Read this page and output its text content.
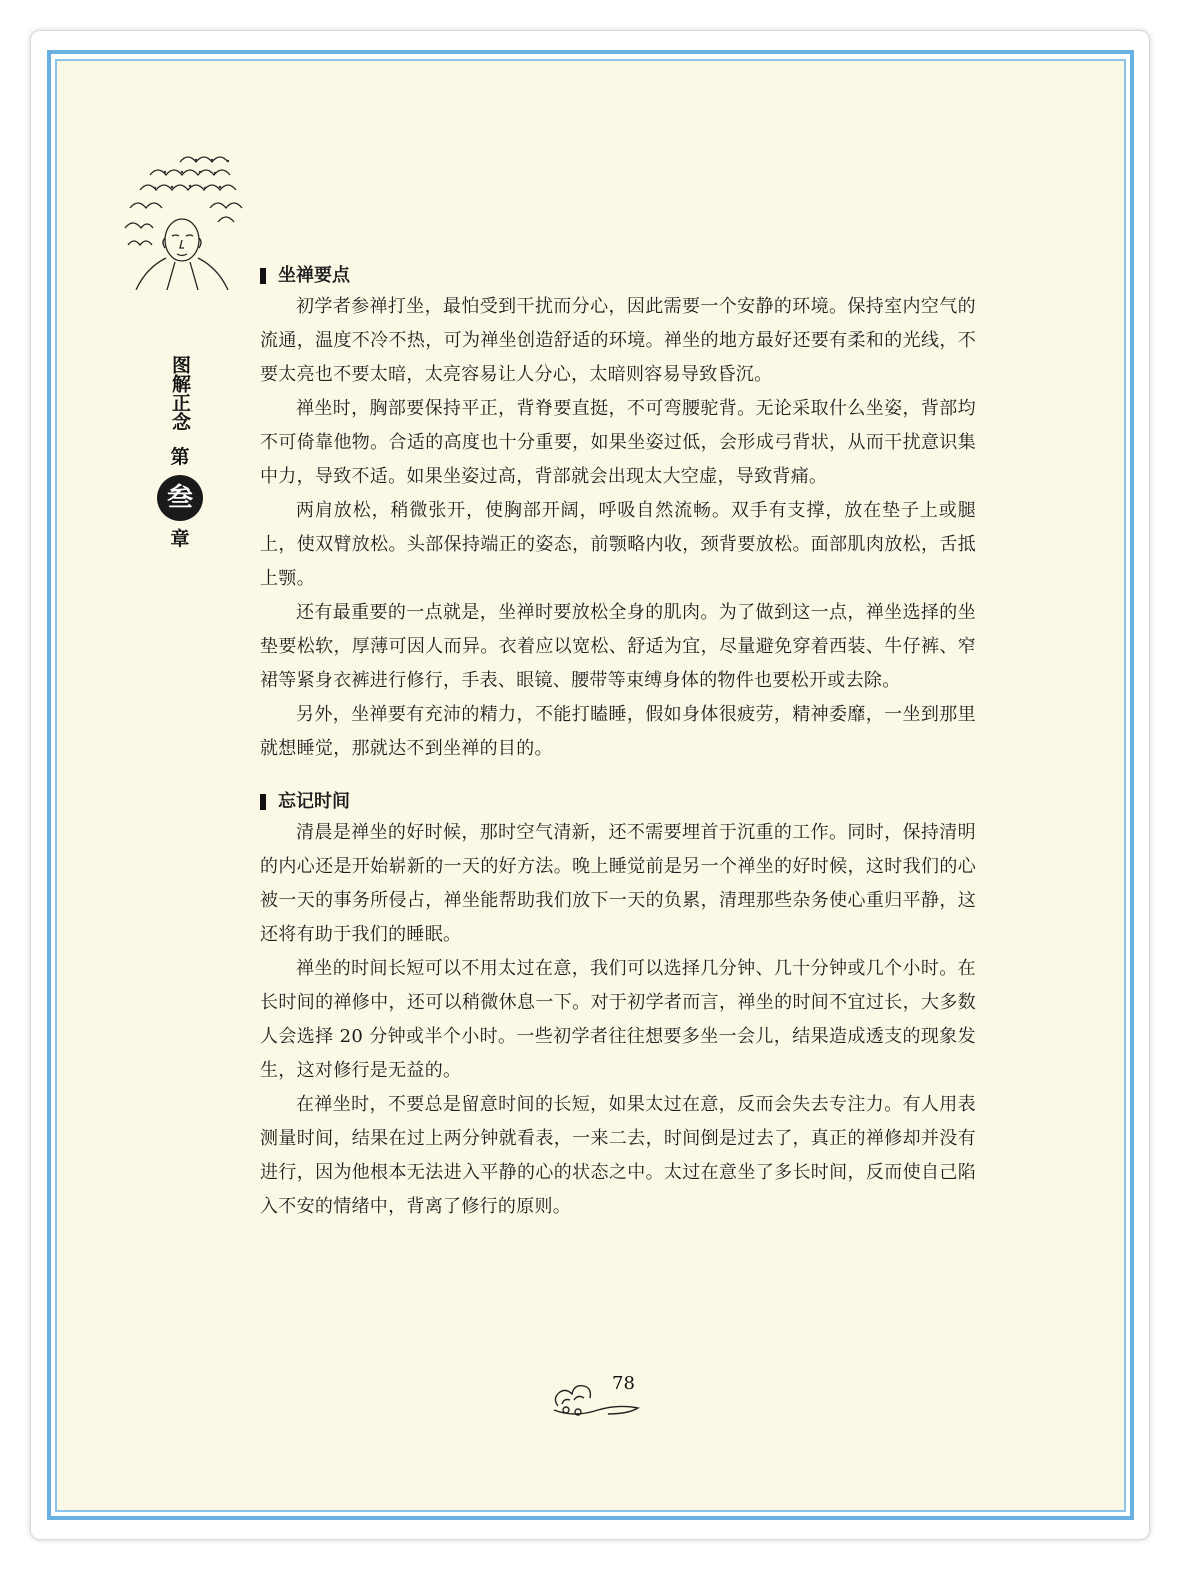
图解正念
第
叁
章
坐禅要点

初学者参禅打坐，最怕受到干扰而分心，因此需要一个安静的环境。保持室内空气的流通，温度不冷不热，可为禅坐创造舒适的环境。禅坐的地方最好还要有柔和的光线，不要太亮也不要太暗，太亮容易让人分心，太暗则容易导致昏沉。

禅坐时，胸部要保持平正，背脊要直挺，不可弯腰驼背。无论采取什么坐姿，背部均不可倚靠他物。合适的高度也十分重要，如果坐姿过低，会形成弓背状，从而干扰意识集中力，导致不适。如果坐姿过高，背部就会出现太大空虚，导致背痛。

两肩放松，稍微张开，使胸部开阔，呼吸自然流畅。双手有支撑，放在垫子上或腿上，使双臂放松。头部保持端正的姿态，前颚略内收，颈背要放松。面部肌肉放松，舌抵上颚。

还有最重要的一点就是，坐禅时要放松全身的肌肉。为了做到这一点，禅坐选择的坐垫要松软，厚薄可因人而异。衣着应以宽松、舒适为宜，尽量避免穿着西装、牛仔裤、窄裙等紧身衣裤进行修行，手表、眼镜、腰带等束缚身体的物件也要松开或去除。

另外，坐禅要有充沛的精力，不能打瞌睡，假如身体很疲劳，精神委靡，一坐到那里就想睡觉，那就达不到坐禅的目的。

忘记时间

清晨是禅坐的好时候，那时空气清新，还不需要埋首于沉重的工作。同时，保持清明的内心还是开始崭新的一天的好方法。晚上睡觉前是另一个禅坐的好时候，这时我们的心被一天的事务所侵占，禅坐能帮助我们放下一天的负累，清理那些杂务使心重归平静，这还将有助于我们的睡眠。

禅坐的时间长短可以不用太过在意，我们可以选择几分钟、几十分钟或几个小时。在长时间的禅修中，还可以稍微休息一下。对于初学者而言，禅坐的时间不宜过长，大多数人会选择 20 分钟或半个小时。一些初学者往往想要多坐一会儿，结果造成透支的现象发生，这对修行是无益的。

在禅坐时，不要总是留意时间的长短，如果太过在意，反而会失去专注力。有人用表测量时间，结果在过上两分钟就看表，一来二去，时间倒是过去了，真正的禅修却并没有进行，因为他根本无法进入平静的心的状态之中。太过在意坐了多长时间，反而使自己陷入不安的情绪中，背离了修行的原则。

78
